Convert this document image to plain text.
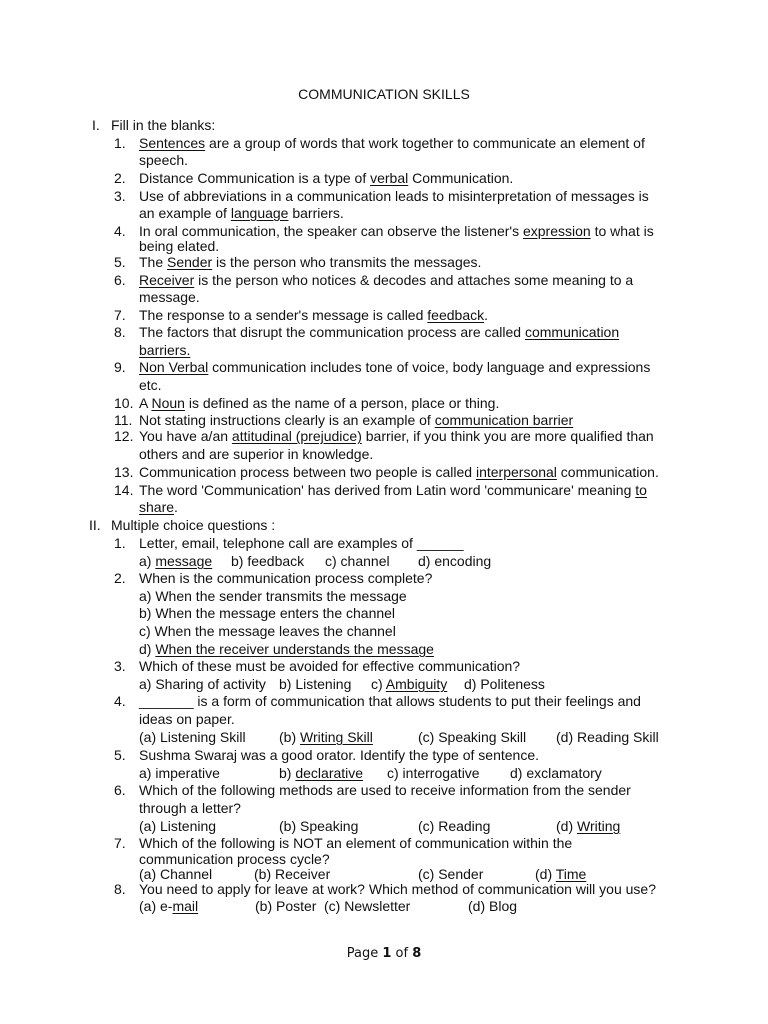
COMMUNICATION SKILLS
I. Fill in the blanks:
1. Sentences are a group of words that work together to communicate an element of
speech.
2. Distance Communication is a type of verbal Communication.
3. Use of abbreviations in a communication leads to misinterpretation of messages is
an example of language barriers.
4. In oral communication, the speaker can observe the listener's expression to what is
being elated.
5. The Sender is the person who transmits the messages.
6. Receiver is the person who notices & decodes and attaches some meaning to a
message.
7. The response to a sender's message is called feedback.
8. The factors that disrupt the communication process are called communication
barriers.
9. Non Verbal communication includes tone of voice, body language and expressions
etc.
10. A Noun is defined as the name of a person, place or thing.
11. Not stating instructions clearly is an example of communication barrier
12. You have a/an attitudinal (prejudice) barrier, if you think you are more qualified than
others and are superior in knowledge.
13. Communication process between two people is called interpersonal communication.
14. The word 'Communication' has derived from Latin word 'communicare' meaning to
share.
II. Multiple choice questions :
1. Letter, email, telephone call are examples of ______
a) message b) feedback c) channel d) encoding
2. When is the communication process complete?
a) When the sender transmits the message
b) When the message enters the channel
c) When the message leaves the channel
d) When the receiver understands the message
3. Which of these must be avoided for effective communication?
a) Sharing of activity b) Listening c) Ambiguity d) Politeness
4. _______ is a form of communication that allows students to put their feelings and
ideas on paper.
(a) Listening Skill (b) Writing Skill	(c) Speaking Skill (d) Reading Skill
5. Sushma Swaraj was a good orator. Identify the type of sentence.
a) imperative	b) declarative c) interrogative d) exclamatory
6. Which of the following methods are used to receive information from the sender
through a letter?
(a) Listening	(b) Speaking	(c) Reading	(d) Writing
7. Which of the following is NOT an element of communication within the
communication process cycle?
(a) Channel	(b) Receiver	(c) Sender	(d) Time
8. You need to apply for leave at work? Which method of communication will you use?
(a) e-mail	(b) Poster (c) Newsletter	(d) Blog
Page 1 of 8
